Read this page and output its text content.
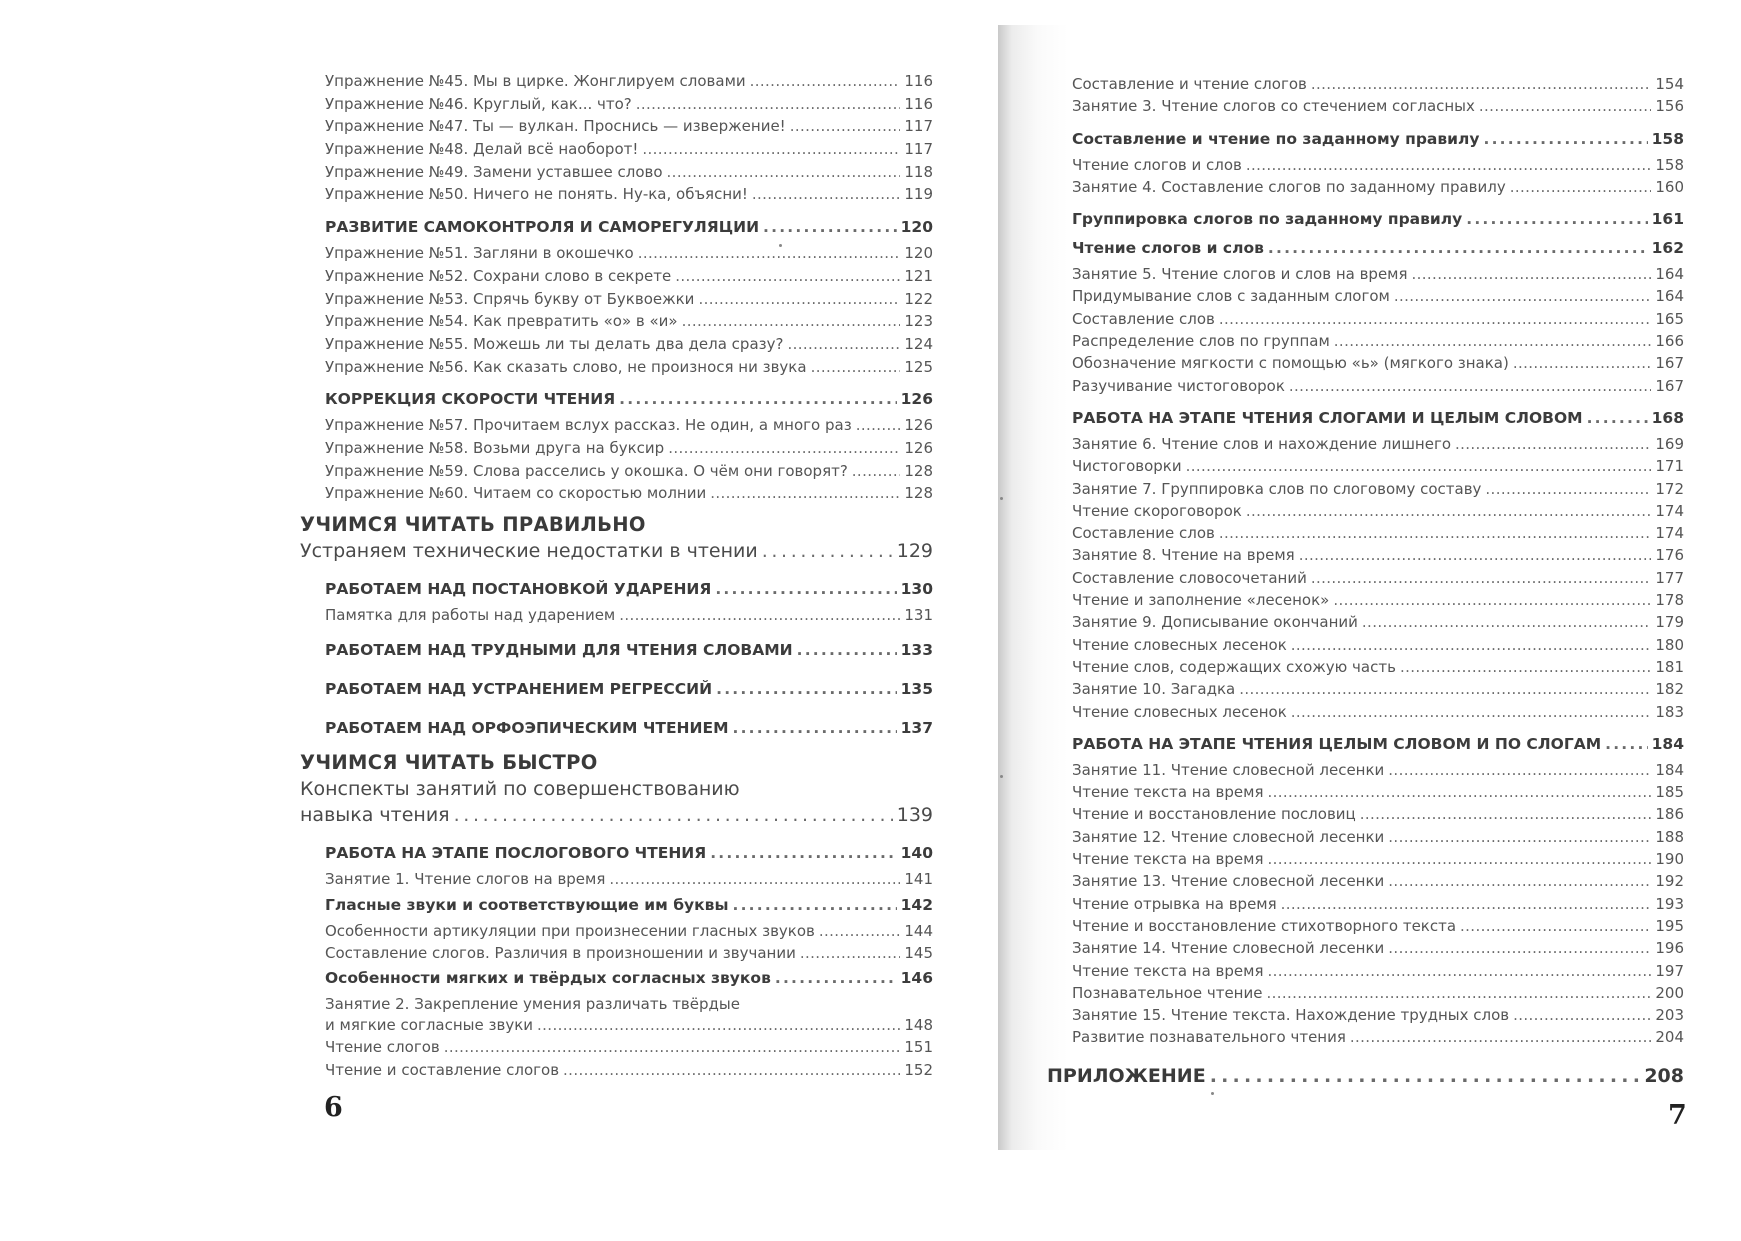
Упражнение №45. Мы в цирке. Жонглируем словами . . .	116
Упражнение №46. Круглый, как... что? . . .	116
Упражнение №47. Ты — вулкан. Проснись — извержение! . . .	117
Упражнение №48. Делай всё наоборот! . . .	117
Упражнение №49. Замени уставшее слово . . .	118
Упражнение №50. Ничего не понять. Ну-ка, объясни! . . .	119
РАЗВИТИЕ САМОКОНТРОЛЯ И САМОРЕГУЛЯЦИИ . . .	120
Упражнение №51. Загляни в окошечко . . .	120
Упражнение №52. Сохрани слово в секрете . . .	121
Упражнение №53. Спрячь букву от Буквоежки . . .	122
Упражнение №54. Как превратить «о» в «и» . . .	123
Упражнение №55. Можешь ли ты делать два дела сразу? . . .	124
Упражнение №56. Как сказать слово, не произнося ни звука . . .	125
КОРРЕКЦИЯ СКОРОСТИ ЧТЕНИЯ . . .	126
Упражнение №57. Прочитаем вслух рассказ. Не один, а много раз . . .	126
Упражнение №58. Возьми друга на буксир . . .	126
Упражнение №59. Слова расселись у окошка. О чём они говорят? . . .	128
Упражнение №60. Читаем со скоростью молнии . . .	128
УЧИМСЯ ЧИТАТЬ ПРАВИЛЬНО
Устраняем технические недостатки в чтении . . .	129
РАБОТАЕМ НАД ПОСТАНОВКОЙ УДАРЕНИЯ . . .	130
Памятка для работы над ударением . . .	131
РАБОТАЕМ НАД ТРУДНЫМИ ДЛЯ ЧТЕНИЯ СЛОВАМИ . . .	133
РАБОТАЕМ НАД УСТРАНЕНИЕМ РЕГРЕССИЙ . . .	135
РАБОТАЕМ НАД ОРФОЭПИЧЕСКИМ ЧТЕНИЕМ . . .	137
УЧИМСЯ ЧИТАТЬ БЫСТРО
Конспекты занятий по совершенствованию
навыка чтения . . .	139
РАБОТА НА ЭТАПЕ ПОСЛОГОВОГО ЧТЕНИЯ . . .	140
Занятие 1. Чтение слогов на время . . .	141
Гласные звуки и соответствующие им буквы . . .	142
Особенности артикуляции при произнесении гласных звуков . . .	144
Составление слогов. Различия в произношении и звучании . . .	145
Особенности мягких и твёрдых согласных звуков . . .	146
Занятие 2. Закрепление умения различать твёрдые
и мягкие согласные звуки . . .	148
Чтение слогов . . .	151
Чтение и составление слогов . . .	152
6
Составление и чтение слогов . . .	154
Занятие 3. Чтение слогов со стечением согласных . . .	156
Составление и чтение по заданному правилу . . .	158
Чтение слогов и слов . . .	158
Занятие 4. Составление слогов по заданному правилу . . .	160
Группировка слогов по заданному правилу . . .	161
Чтение слогов и слов . . .	162
Занятие 5. Чтение слогов и слов на время . . .	164
Придумывание слов с заданным слогом . . .	164
Составление слов . . .	165
Распределение слов по группам . . .	166
Обозначение мягкости с помощью «ь» (мягкого знака) . . .	167
Разучивание чистоговорок . . .	167
РАБОТА НА ЭТАПЕ ЧТЕНИЯ СЛОГАМИ И ЦЕЛЫМ СЛОВОМ . . .	168
Занятие 6. Чтение слов и нахождение лишнего . . .	169
Чистоговорки . . .	171
Занятие 7. Группировка слов по слоговому составу . . .	172
Чтение скороговорок . . .	174
Составление слов . . .	174
Занятие 8. Чтение на время . . .	176
Составление словосочетаний . . .	177
Чтение и заполнение «лесенок» . . .	178
Занятие 9. Дописывание окончаний . . .	179
Чтение словесных лесенок . . .	180
Чтение слов, содержащих схожую часть . . .	181
Занятие 10. Загадка . . .	182
Чтение словесных лесенок . . .	183
РАБОТА НА ЭТАПЕ ЧТЕНИЯ ЦЕЛЫМ СЛОВОМ И ПО СЛОГАМ . . .	184
Занятие 11. Чтение словесной лесенки . . .	184
Чтение текста на время . . .	185
Чтение и восстановление пословиц . . .	186
Занятие 12. Чтение словесной лесенки . . .	188
Чтение текста на время . . .	190
Занятие 13. Чтение словесной лесенки . . .	192
Чтение отрывка на время . . .	193
Чтение и восстановление стихотворного текста . . .	195
Занятие 14. Чтение словесной лесенки . . .	196
Чтение текста на время . . .	197
Познавательное чтение . . .	200
Занятие 15. Чтение текста. Нахождение трудных слов . . .	203
Развитие познавательного чтения . . .	204
ПРИЛОЖЕНИЕ . . .	208
7
